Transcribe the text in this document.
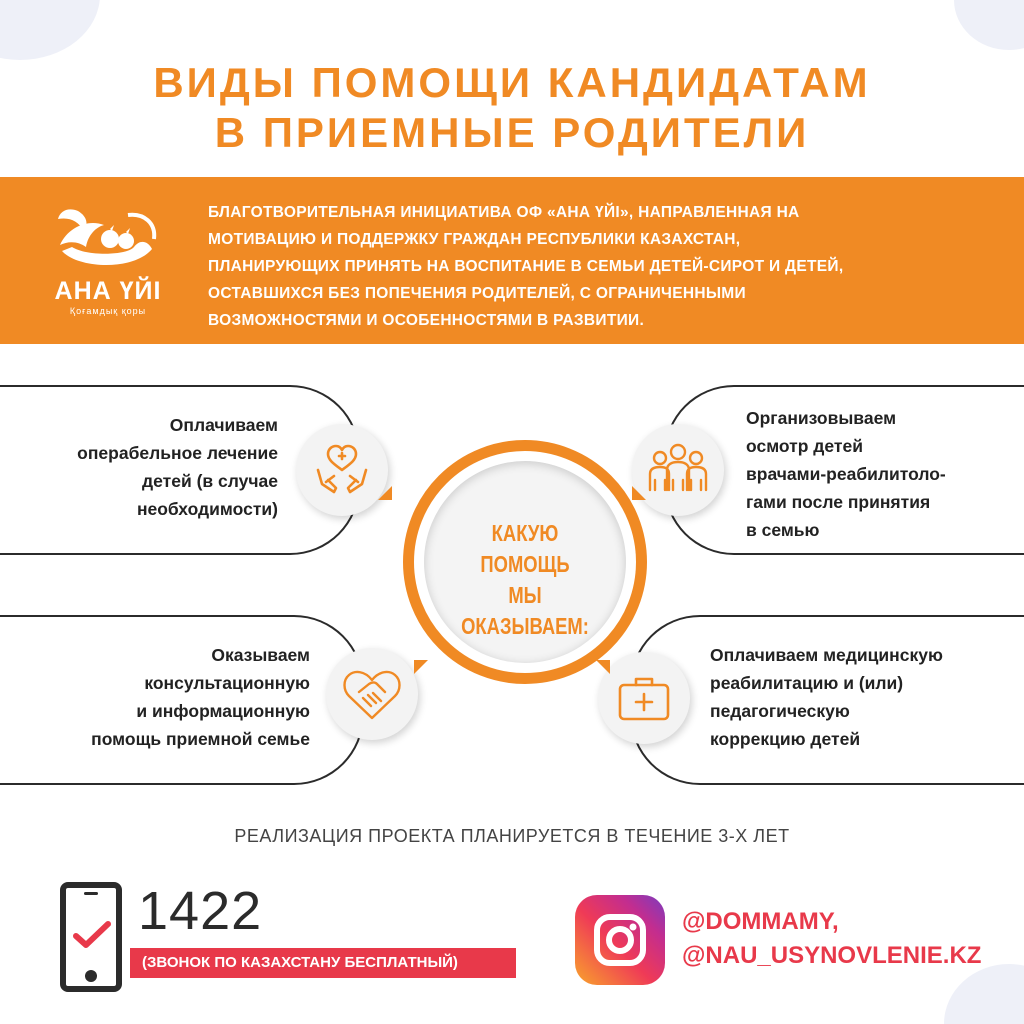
ВИДЫ ПОМОЩИ КАНДИДАТАМ
В ПРИЕМНЫЕ РОДИТЕЛИ
АНА ҮЙІ
Қоғамдық қоры
БЛАГОТВОРИТЕЛЬНАЯ ИНИЦИАТИВА ОФ «АНА ҮЙІ», НАПРАВЛЕННАЯ НА
МОТИВАЦИЮ И ПОДДЕРЖКУ ГРАЖДАН РЕСПУБЛИКИ КАЗАХСТАН,
ПЛАНИРУЮЩИХ ПРИНЯТЬ НА ВОСПИТАНИЕ В СЕМЬИ ДЕТЕЙ-СИРОТ И ДЕТЕЙ,
ОСТАВШИХСЯ БЕЗ ПОПЕЧЕНИЯ РОДИТЕЛЕЙ, С ОГРАНИЧЕННЫМИ
ВОЗМОЖНОСТЯМИ И ОСОБЕННОСТЯМИ В РАЗВИТИИ.
Оплачиваем
операбельное лечение
детей (в случае
необходимости)
Организовываем
осмотр детей
врачами-реабилитоло-
гами после принятия
в семью
КАКУЮ
ПОМОЩЬ
МЫ ОКАЗЫВАЕМ:
Оказываем
консультационную
и информационную
помощь приемной семье
Оплачиваем медицинскую
реабилитацию и (или)
педагогическую
коррекцию детей
РЕАЛИЗАЦИЯ ПРОЕКТА ПЛАНИРУЕТСЯ В ТЕЧЕНИЕ 3-Х ЛЕТ
1422
(ЗВОНОК ПО КАЗАХСТАНУ БЕСПЛАТНЫЙ)
@DOMMAMY,
@NAU_USYNOVLENIE.KZ
